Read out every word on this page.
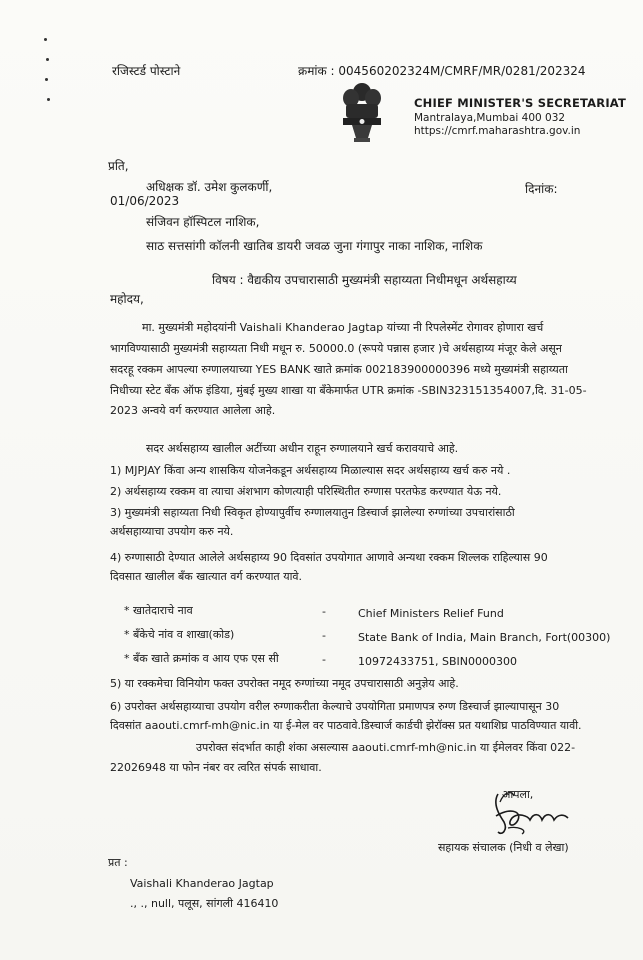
रजिस्टर्ड पोस्टाने	क्रमांक : 004560202324M/CMRF/MR/0281/202324
CHIEF MINISTER'S SECRETARIAT
Mantralaya,Mumbai 400 032
https://cmrf.maharashtra.gov.in
प्रति,
अधिक्षक डॉ. उमेश कुलकर्णी,	दिनांक:
01/06/2023
संजिवन हॉस्पिटल नाशिक,
साठ सत्तसांगी कॉलनी खातिब डायरी जवळ जुना गंगापुर नाका नाशिक, नाशिक
विषय : वैद्यकीय उपचारासाठी मुख्यमंत्री सहाय्यता निधीमधून अर्थसहाय्य
महोदय,
मा. मुख्यमंत्री महोदयांनी Vaishali Khanderao Jagtap यांच्या नी रिपलेस्मेंट रोगावर होणारा खर्च
भागविण्यासाठी मुख्यमंत्री सहाय्यता निधी मधून रु. 50000.0 (रूपये पन्नास हजार )चे अर्थसहाय्य मंजूर केले असून
सदरहू रक्कम आपल्या रुग्णालयाच्या YES BANK खाते क्रमांक 002183900000396 मध्ये मुख्यमंत्री सहाय्यता
निधीच्या स्टेट बँक ऑफ इंडिया, मुंबई मुख्य शाखा या बँकेमार्फत UTR क्रमांक -SBIN323151354007,दि. 31-05-
2023 अन्वये वर्ग करण्यात आलेला आहे.
सदर अर्थसहाय्य खालील अटींच्या अधीन राहून रुग्णालयाने खर्च करावयाचे आहे.
1) MJPJAY किंवा अन्य शासकिय योजनेकडून अर्थसहाय्य मिळाल्यास सदर अर्थसहाय्य खर्च करु नये .
2) अर्थसहाय्य रक्कम वा त्याचा अंशभाग कोणत्याही परिस्थितीत रुग्णास परतफेड करण्यात येऊ नये.
3) मुख्यमंत्री सहाय्यता निधी स्विकृत होण्यापुर्वीच रुग्णालयातुन डिस्चार्ज झालेल्या रुग्णांच्या उपचारांसाठी
अर्थसहाय्याचा उपयोग करु नये.
4) रुग्णासाठी देण्यात आलेले अर्थसहाय्य 90 दिवसांत उपयोगात आणावे अन्यथा रक्कम शिल्लक राहिल्यास 90
दिवसात खालील बँक खात्यात वर्ग करण्यात यावे.
* खातेदाराचे नाव	-	Chief Ministers Relief Fund
* बँकेचे नांव व शाखा(कोड)	-	State Bank of India, Main Branch, Fort(00300)
* बँक खाते क्रमांक व आय एफ एस सी	-	10972433751, SBIN0000300
5) या रक्कमेचा विनियोग फक्त उपरोक्त नमूद रुग्णांच्या नमूद उपचारासाठी अनुज्ञेय आहे.
6) उपरोक्त अर्थसहाय्याचा उपयोग वरील रुग्णाकरीता केल्याचे उपयोगिता प्रमाणपत्र रुग्ण डिस्चार्ज झाल्यापासून 30
दिवसांत aaouti.cmrf-mh@nic.in या ई-मेल वर पाठवावे.डिस्चार्ज कार्डची झेरॉक्स प्रत यथाशिघ्र पाठविण्यात यावी.
उपरोक्त संदर्भात काही शंका असल्यास aaouti.cmrf-mh@nic.in या ईमेलवर किंवा 022-
22026948 या फोन नंबर वर त्वरित संपर्क साधावा.
आपला,
सहायक संचालक (निधी व लेखा)
प्रत :
Vaishali Khanderao Jagtap
., ., null, पलूस, सांगली 416410
